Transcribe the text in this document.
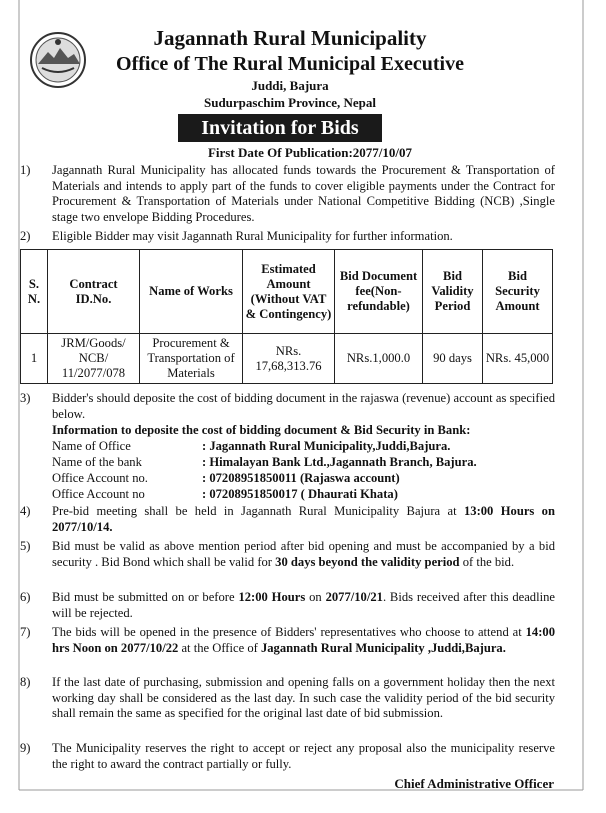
Jagannath Rural Municipality
Office of The Rural Municipal Executive
Juddi, Bajura
Sudurpaschim Province, Nepal
Invitation for Bids
First Date Of Publication:2077/10/07
1)	Jagannath Rural Municipality has allocated funds towards the Procurement & Transportation of Materials and intends to apply part of the funds to cover eligible payments under the Contract for Procurement & Transportation of Materials under National Competitive Bidding (NCB) ,Single stage two envelope Bidding Procedures.
2)	Eligible Bidder may visit Jagannath Rural Municipality for further information.
S. N.	Contract ID.No.	Name of Works	Estimated Amount (Without VAT & Contingency)	Bid Document fee(Non-refundable)	Bid Validity Period	Bid Security Amount
1	JRM/Goods/ NCB/ 11/2077/078	Procurement & Transportation of Materials	NRs. 17,68,313.76	NRs.1,000.0	90 days	NRs. 45,000
3)	Bidder's should deposite the cost of bidding document in the rajaswa (revenue) account as specified below.
Information to deposite the cost of bidding document & Bid Security in Bank:
Name of Office	: Jagannath Rural Municipality,Juddi,Bajura.
Name of the bank	: Himalayan Bank Ltd.,Jagannath Branch, Bajura.
Office Account no.	: 07208951850011 (Rajaswa account)
Office Account no	: 07208951850017 ( Dhaurati Khata)
4)	Pre-bid meeting shall be held in Jagannath Rural Municipality Bajura at 13:00 Hours on 2077/10/14.
5)	Bid must be valid as above mention period after bid opening and must be accompanied by a bid security . Bid Bond which shall be valid for 30 days beyond the validity period of the bid.
6)	Bid must be submitted on or before 12:00 Hours on 2077/10/21. Bids received after this deadline will be rejected.
7)	The bids will be opened in the presence of Bidders' representatives who choose to attend at 14:00 hrs Noon on 2077/10/22 at the Office of Jagannath Rural Municipality ,Juddi,Bajura.
8)	If the last date of purchasing, submission and opening falls on a government holiday then the next working day shall be considered as the last day. In such case the validity period of the bid security shall remain the same as specified for the original last date of bid submission.
9)	The Municipality reserves the right to accept or reject any proposal also the municipality reserve the right to award the contract partially or fully.
Chief Administrative Officer
